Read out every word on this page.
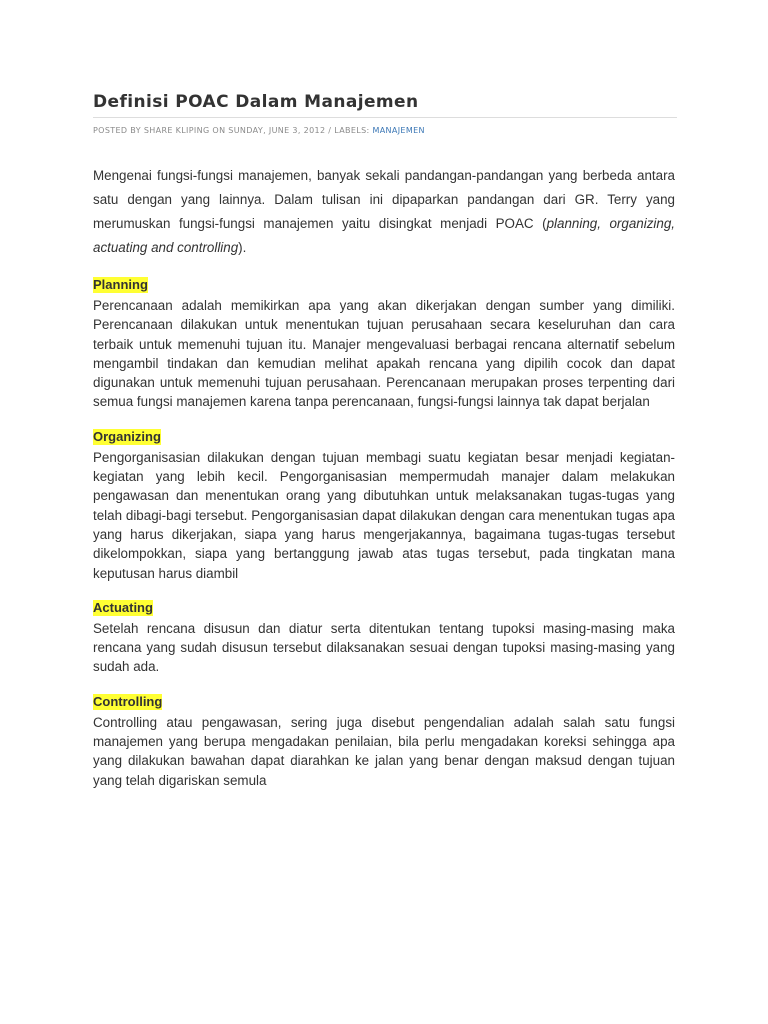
Definisi POAC Dalam Manajemen
POSTED BY SHARE KLIPING ON SUNDAY, JUNE 3, 2012 / LABELS: MANAJEMEN

Mengenai fungsi-fungsi manajemen, banyak sekali pandangan-pandangan yang berbeda antara satu dengan yang lainnya. Dalam tulisan ini dipaparkan pandangan dari GR. Terry yang merumuskan fungsi-fungsi manajemen yaitu disingkat menjadi POAC (planning, organizing, actuating and controlling).

Planning

Perencanaan adalah memikirkan apa yang akan dikerjakan dengan sumber yang dimiliki. Perencanaan dilakukan untuk menentukan tujuan perusahaan secara keseluruhan dan cara terbaik untuk memenuhi tujuan itu. Manajer mengevaluasi berbagai rencana alternatif sebelum mengambil tindakan dan kemudian melihat apakah rencana yang dipilih cocok dan dapat digunakan untuk memenuhi tujuan perusahaan. Perencanaan merupakan proses terpenting dari semua fungsi manajemen karena tanpa perencanaan, fungsi-fungsi lainnya tak dapat berjalan

Organizing

Pengorganisasian dilakukan dengan tujuan membagi suatu kegiatan besar menjadi kegiatan-kegiatan yang lebih kecil. Pengorganisasian mempermudah manajer dalam melakukan pengawasan dan menentukan orang yang dibutuhkan untuk melaksanakan tugas-tugas yang telah dibagi-bagi tersebut. Pengorganisasian dapat dilakukan dengan cara menentukan tugas apa yang harus dikerjakan, siapa yang harus mengerjakannya, bagaimana tugas-tugas tersebut dikelompokkan, siapa yang bertanggung jawab atas tugas tersebut, pada tingkatan mana keputusan harus diambil

Actuating

Setelah rencana disusun dan diatur serta ditentukan tentang tupoksi masing-masing maka rencana yang sudah disusun tersebut dilaksanakan sesuai dengan tupoksi masing-masing yang sudah ada.

Controlling

Controlling atau pengawasan, sering juga disebut pengendalian adalah salah satu fungsi manajemen yang berupa mengadakan penilaian, bila perlu mengadakan koreksi sehingga apa yang dilakukan bawahan dapat diarahkan ke jalan yang benar dengan maksud dengan tujuan yang telah digariskan semula
